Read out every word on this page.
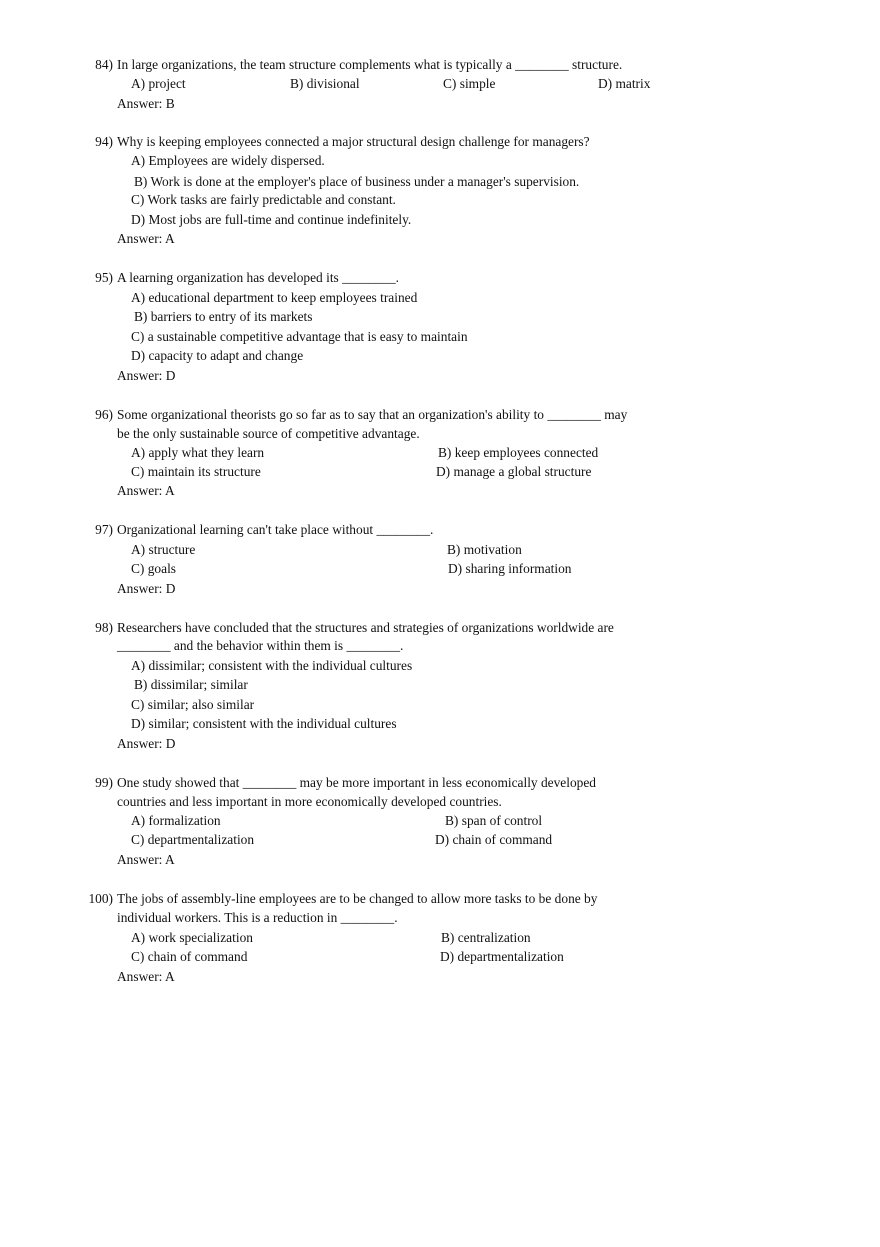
84) In large organizations, the team structure complements what is typically a ________ structure.
A) project	B) divisional	C) simple	D) matrix
Answer: B
94) Why is keeping employees connected a major structural design challenge for managers?
A) Employees are widely dispersed.
B) Work is done at the employer's place of business under a manager's supervision.
C) Work tasks are fairly predictable and constant.
D) Most jobs are full-time and continue indefinitely.
Answer: A
95) A learning organization has developed its ________.
A) educational department to keep employees trained
B) barriers to entry of its markets
C) a sustainable competitive advantage that is easy to maintain
D) capacity to adapt and change
Answer: D
96) Some organizational theorists go so far as to say that an organization's ability to ________ may
be the only sustainable source of competitive advantage.
A) apply what they learn	B) keep employees connected
C) maintain its structure	D) manage a global structure
Answer: A
97) Organizational learning can't take place without ________.
A) structure	B) motivation
C) goals	D) sharing information
Answer: D
98) Researchers have concluded that the structures and strategies of organizations worldwide are
________ and the behavior within them is ________.
A) dissimilar; consistent with the individual cultures
B) dissimilar; similar
C) similar; also similar
D) similar; consistent with the individual cultures
Answer: D
99) One study showed that ________ may be more important in less economically developed
countries and less important in more economically developed countries.
A) formalization	B) span of control
C) departmentalization	D) chain of command
Answer: A
100) The jobs of assembly-line employees are to be changed to allow more tasks to be done by
individual workers. This is a reduction in ________.
A) work specialization	B) centralization
C) chain of command	D) departmentalization
Answer: A
